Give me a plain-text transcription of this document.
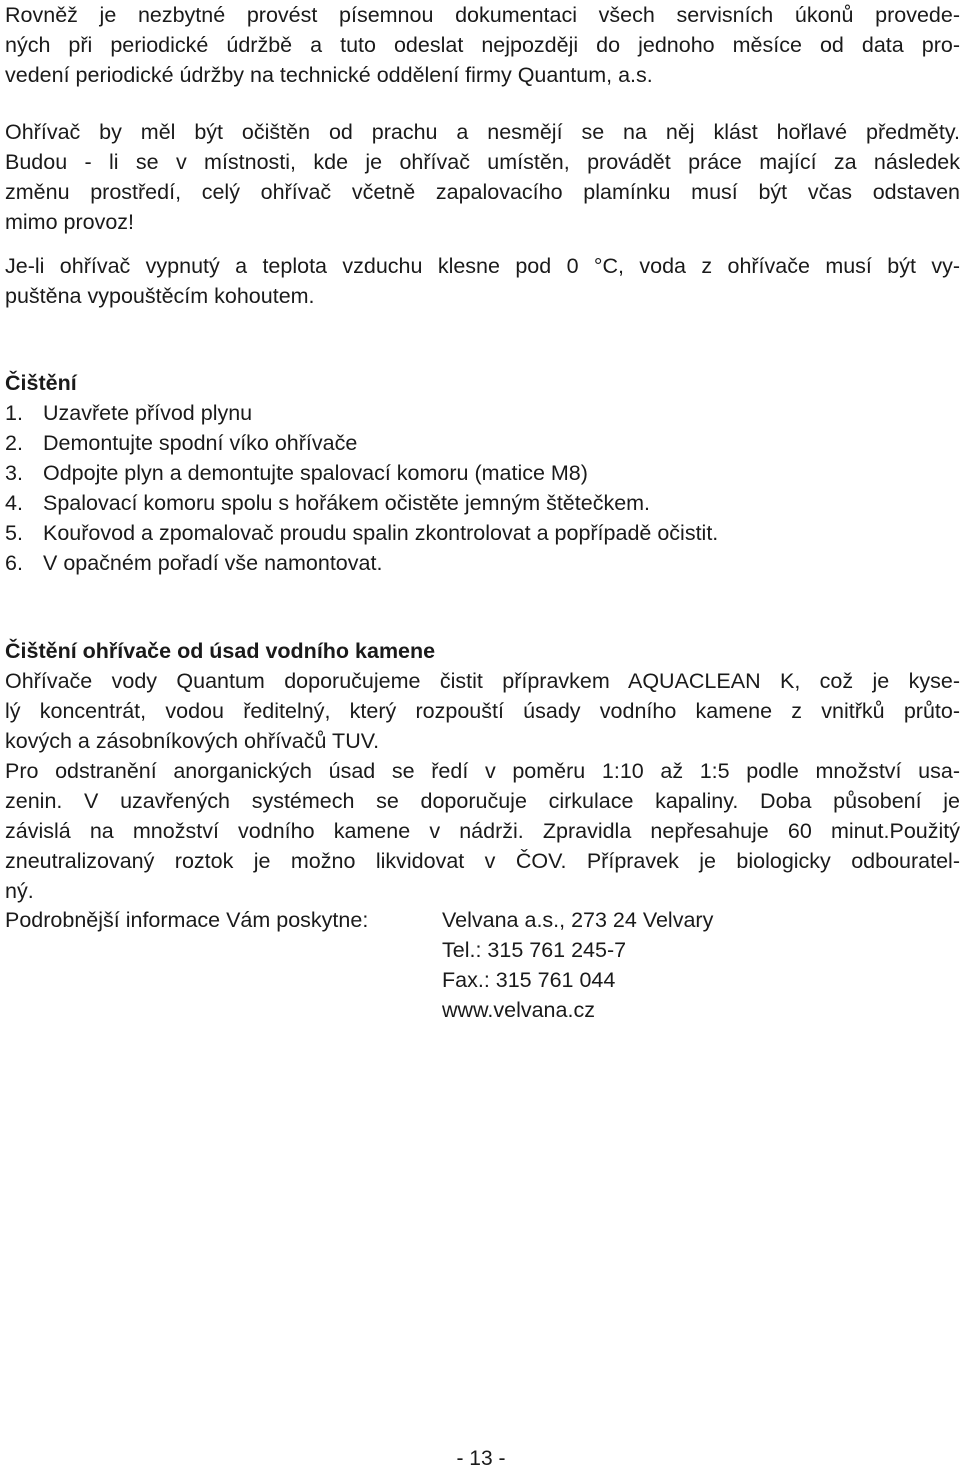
Rovněž je nezbytné provést písemnou dokumentaci všech servisních úkonů provede-
ných při periodické údržbě a tuto odeslat nejpozději do jednoho měsíce od data pro-
vedení periodické údržby na technické oddělení firmy Quantum, a.s.
Ohřívač by měl být očištěn od prachu a nesmějí se na něj klást hořlavé předměty.
Budou - li se v místnosti, kde je ohřívač umístěn, provádět práce mající za následek
změnu prostředí, celý ohřívač včetně zapalovacího plamínku musí být včas odstaven
mimo provoz!
Je-li ohřívač vypnutý a teplota vzduchu klesne pod 0 °C, voda z ohřívače musí být vy-
puštěna vypouštěcím kohoutem.
Čištění
1. Uzavřete přívod plynu
2. Demontujte spodní víko ohřívače
3. Odpojte plyn a demontujte spalovací komoru (matice M8)
4. Spalovací komoru spolu s hořákem očistěte jemným štětečkem.
5. Kouřovod a zpomalovač proudu spalin zkontrolovat a popřípadě očistit.
6. V opačném pořadí vše namontovat.
Čištění ohřívače od úsad vodního kamene
Ohřívače vody Quantum doporučujeme čistit přípravkem AQUACLEAN K, což je kyse-
lý koncentrát, vodou ředitelný, který rozpouští úsady vodního kamene z vnitřků průto-
kových a zásobníkových ohřívačů TUV.
Pro odstranění anorganických úsad se ředí v poměru 1:10 až 1:5 podle množství usa-
zenin. V uzavřených systémech se doporučuje cirkulace kapaliny. Doba působení je
závislá na množství vodního kamene v nádrži. Zpravidla nepřesahuje 60 minut.Použitý
zneutralizovaný roztok je možno likvidovat v ČOV. Přípravek je biologicky odbouratel-
ný.
Podrobnější informace Vám poskytne:	Velvana a.s., 273 24 Velvary
Tel.: 315 761 245-7
Fax.: 315 761 044
www.velvana.cz
- 13 -
